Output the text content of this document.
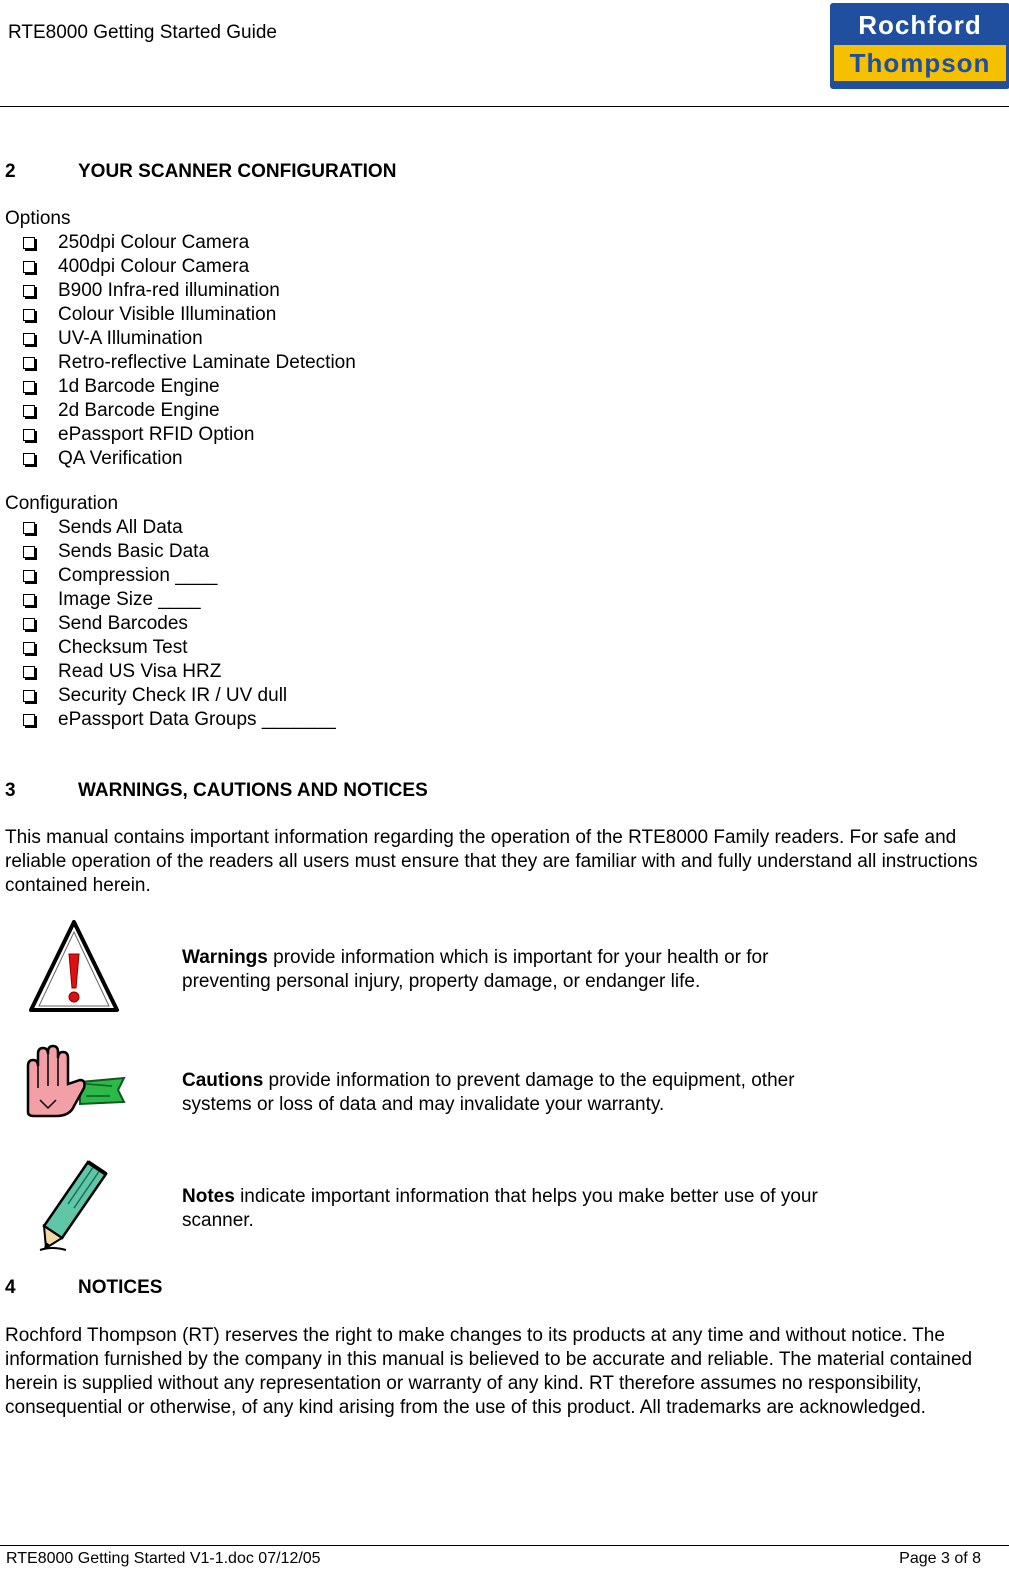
RTE8000 Getting Started Guide	Rochford
Thompson
2	YOUR SCANNER CONFIGURATION
Options
250dpi Colour Camera
400dpi Colour Camera
B900 Infra-red illumination
Colour Visible Illumination
UV-A Illumination
Retro-reflective Laminate Detection
1d Barcode Engine
2d Barcode Engine
ePassport RFID Option
QA Verification
Configuration
Sends All Data
Sends Basic Data
Compression ____
Image Size ____
Send Barcodes
Checksum Test
Read US Visa HRZ
Security Check IR / UV dull
ePassport Data Groups _______
3	WARNINGS, CAUTIONS AND NOTICES

This manual contains important information regarding the operation of the RTE8000 Family readers. For safe and reliable operation of the readers all users must ensure that they are familiar with and fully understand all instructions contained herein.

Warnings provide information which is important for your health or for preventing personal injury, property damage, or endanger life.

Cautions provide information to prevent damage to the equipment, other systems or loss of data and may invalidate your warranty.

Notes indicate important information that helps you make better use of your scanner.

4	NOTICES

Rochford Thompson (RT) reserves the right to make changes to its products at any time and without notice. The information furnished by the company in this manual is believed to be accurate and reliable. The material contained herein is supplied without any representation or warranty of any kind. RT therefore assumes no responsibility, consequential or otherwise, of any kind arising from the use of this product. All trademarks are acknowledged.

RTE8000 Getting Started V1-1.doc 07/12/05	Page 3 of 8
